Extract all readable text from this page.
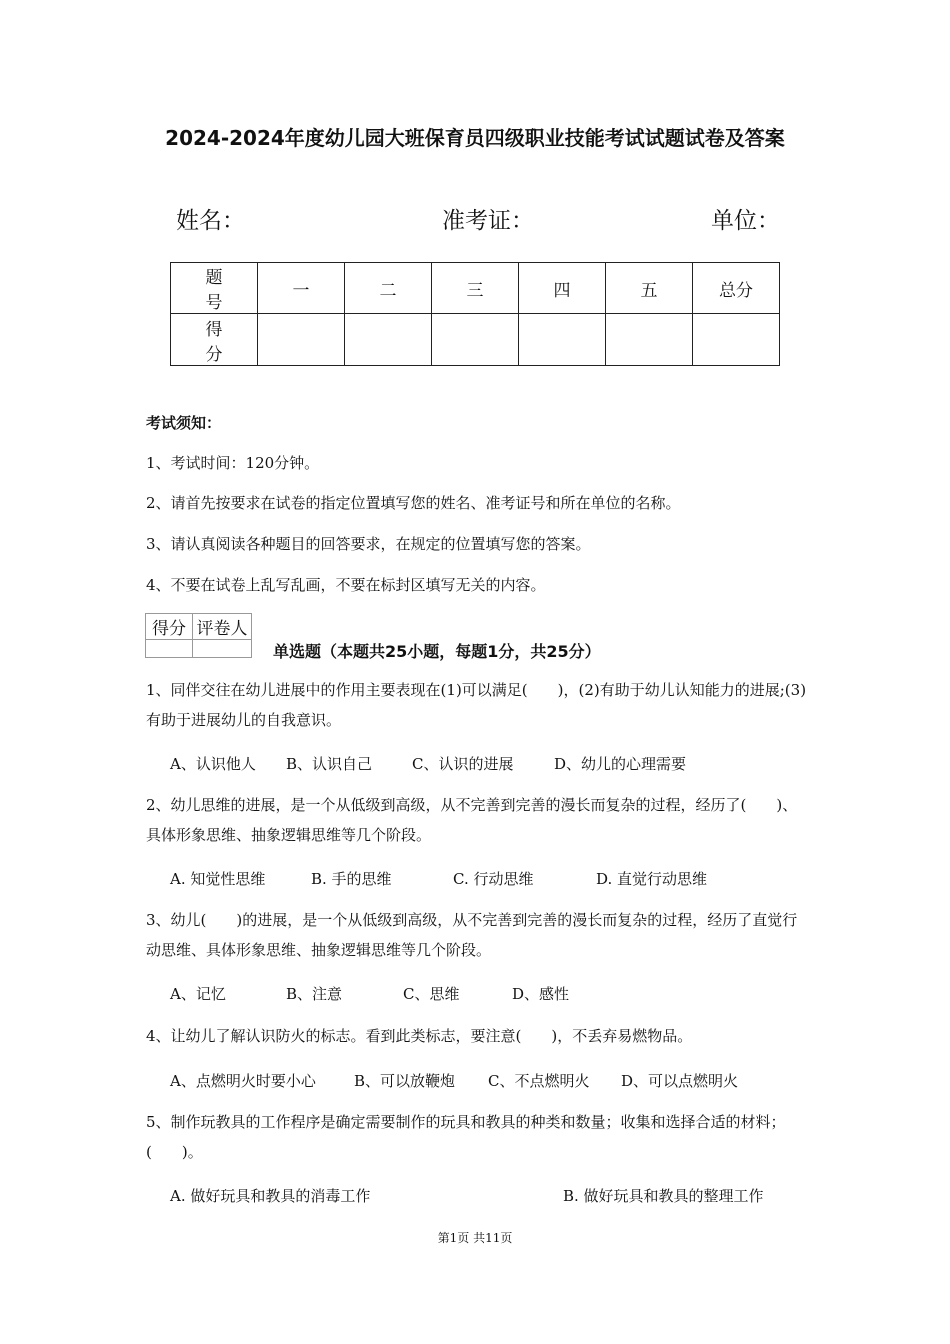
2024-2024年度幼儿园大班保育员四级职业技能考试试题试卷及答案
姓名：	准考证：	单位：
题 号	一	二	三	四	五	总分
得 分						
考试须知：
1、考试时间：120分钟。
2、请首先按要求在试卷的指定位置填写您的姓名、准考证号和所在单位的名称。
3、请认真阅读各种题目的回答要求，在规定的位置填写您的答案。
4、不要在试卷上乱写乱画，不要在标封区填写无关的内容。
得分	评卷人

单选题（本题共25小题，每题1分，共25分）
1、同伴交往在幼儿进展中的作用主要表现在(1)可以满足(　　)，(2)有助于幼儿认知能力的进展;(3)有助于进展幼儿的自我意识。
A、认识他人 B、认识自己	C、认识的进展	D、幼儿的心理需要
2、幼儿思维的进展，是一个从低级到高级，从不完善到完善的漫长而复杂的过程，经历了(　　)、具体形象思维、抽象逻辑思维等几个阶段。
A. 知觉性思维	B. 手的思维	C. 行动思维	D. 直觉行动思维
3、幼儿(　　)的进展，是一个从低级到高级，从不完善到完善的漫长而复杂的过程，经历了直觉行动思维、具体形象思维、抽象逻辑思维等几个阶段。
A、记忆	B、注意	C、思维	D、感性
4、让幼儿了解认识防火的标志。看到此类标志，要注意(　　)，不丢弃易燃物品。
A、点燃明火时要小心	B、可以放鞭炮 C、不点燃明火 D、可以点燃明火
5、制作玩教具的工作程序是确定需要制作的玩具和教具的种类和数量；收集和选择合适的材料；(　　)。
A. 做好玩具和教具的消毒工作	B. 做好玩具和教具的整理工作
第1页 共11页
